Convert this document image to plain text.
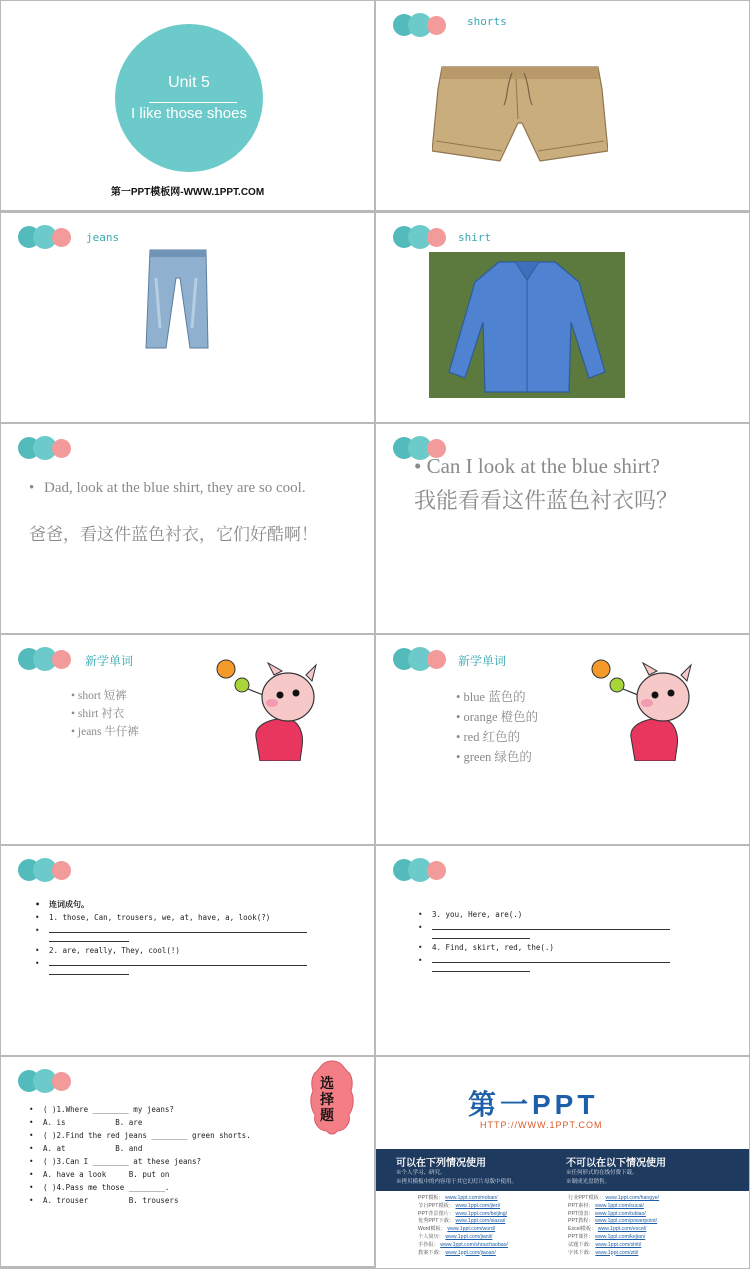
Unit 5
I like those shoes
第一PPT模板网-WWW.1PPT.COM
shorts
jeans	shirt
• Dad, look at the blue shirt, they are so cool.
爸爸，看这件蓝色衬衣，它们好酷啊！
• Can I look at the blue shirt?
我能看看这件蓝色衬衣吗？
新学单词
• short 短裤
• shirt 衬衣
• jeans 牛仔裤
新学单词
• blue 蓝色的
• orange 橙色的
• red 红色的
• green 绿色的
• 连词成句。
• 1. those, Can, trousers, we, at, have, a, look(?)
•
• 2. are, really, They, cool(!)
•
• 3. you, Here, are(.)
•
• 4. Find, skirt, red, the(.)
•
选择题
• ( )1.Where ________ my jeans?
• A. is           B. are
• ( )2.Find the red jeans ________ green shorts.
• A. at           B. and
• ( )3.Can I ________ at these jeans?
• A. have a look     B. put on
• ( )4.Pass me those ________.
• A. trouser         B. trousers
第一PPT
HTTP://WWW.1PPT.COM
可以在下列情况使用
※个人学习、研究。
※拷贝模板中的内容用于其它幻灯片母版中使用。
不可以在以下情况使用
※任何形式的在线付费下载。
※制成光盘销售。
PPT模板： www.1ppt.com/moban/
节日PPT模板： www.1ppt.com/jieri/
PPT背景图片： www.1ppt.com/beijing/
优秀PPT下载： www.1ppt.com/xiazai/
Word模板： www.1ppt.com/word/
个人简历： www.1ppt.com/jianli/
手抄报： www.1ppt.com/shouchaobao/
教案下载： www.1ppt.com/jiaoan/
行业PPT模板： www.1ppt.com/hangye/
PPT素材： www.1ppt.com/sucai/
PPT图表： www.1ppt.com/tubiao/
PPT教程： www.1ppt.com/powerpoint/
Excel模板： www.1ppt.com/excel/
PPT课件： www.1ppt.com/kejian/
试题下载： www.1ppt.com/shiti/
字体下载： www.1ppt.com/ziti/
